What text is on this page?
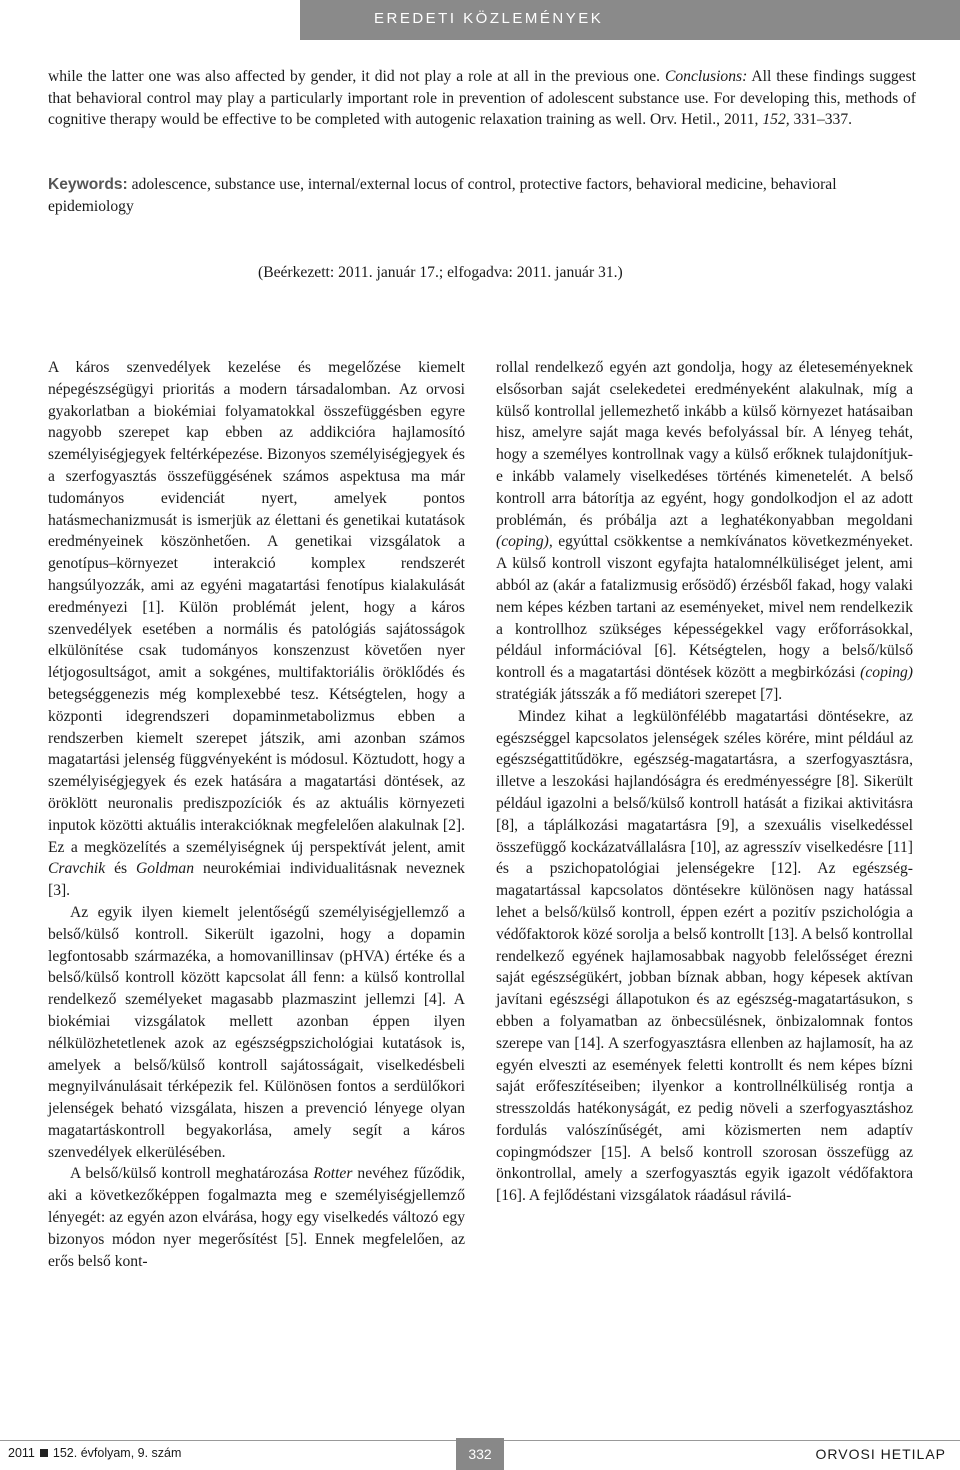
EREDETI KÖZLEMÉNYEK

while the latter one was also affected by gender, it did not play a role at all in the previous one. Conclusions: All these findings suggest that behavioral control may play a particularly important role in prevention of adolescent substance use. For developing this, methods of cognitive therapy would be effective to be completed with autogenic relaxation training as well. Orv. Hetil., 2011, 152, 331–337.

Keywords: adolescence, substance use, internal/external locus of control, protective factors, behavioral medicine, behavioral epidemiology

(Beérkezett: 2011. január 17.; elfogadva: 2011. január 31.)

A káros szenvedélyek kezelése és megelőzése kiemelt népegészségügyi prioritás a modern társadalomban. Az orvosi gyakorlatban a biokémiai folyamatokkal összefüggésben egyre nagyobb szerepet kap ebben az addikcióra hajlamosító személyiségjegyek feltérképezése. Bizonyos személyiségjegyek és a szerfogyasztás összefüggésének számos aspektusa ma már tudományos evidenciát nyert, amelyek pontos hatásmechanizmusát is ismerjük az élettani és genetikai kutatások eredményeinek köszönhetően. A genetikai vizsgálatok a genotípus–környezet interakció komplex rendszerét hangsúlyozzák, ami az egyéni magatartási fenotípus kialakulását eredményezi [1]. Külön problémát jelent, hogy a káros szenvedélyek esetében a normális és patológiás sajátosságok elkülönítése csak tudományos konszenzust követően nyer létjogosultságot, amit a sokgénes, multifaktoriális öröklődés és betegséggenezis még komplexebbé tesz. Kétségtelen, hogy a központi idegrendszeri dopaminmetabolizmus ebben a rendszerben kiemelt szerepet játszik, ami azonban számos magatartási jelenség függvényeként is módosul. Köztudott, hogy a személyiségjegyek és ezek hatására a magatartási döntések, az öröklött neuronalis prediszpozíciók és az aktuális környezeti inputok közötti aktuális interakcióknak megfelelően alakulnak [2]. Ez a megközelítés a személyiségnek új perspektívát jelent, amit Cravchik és Goldman neurokémiai individualitásnak neveznek [3].

Az egyik ilyen kiemelt jelentőségű személyiségjellemző a belső/külső kontroll. Sikerült igazolni, hogy a dopamin legfontosabb származéka, a homovanillinsav (pHVA) értéke és a belső/külső kontroll között kapcsolat áll fenn: a külső kontrollal rendelkező személyeket magasabb plazmaszint jellemzi [4]. A biokémiai vizsgálatok mellett azonban éppen ilyen nélkülözhetetlenek azok az egészségpszichológiai kutatások is, amelyek a belső/külső kontroll sajátosságait, viselkedésbeli megnyilvánulásait térképezik fel. Különösen fontos a serdülőkori jelenségek beható vizsgálata, hiszen a prevenció lényege olyan magatartáskontroll begyakorlása, amely segít a káros szenvedélyek elkerülésében.

A belső/külső kontroll meghatározása Rotter nevéhez fűződik, aki a következőképpen fogalmazta meg e személyiségjellemző lényegét: az egyén azon elvárása, hogy egy viselkedés változó egy bizonyos módon nyer megerősítést [5]. Ennek megfelelően, az erős belső kont-

rollal rendelkező egyén azt gondolja, hogy az életeseményeknek elsősorban saját cselekedetei eredményeként alakulnak, míg a külső kontrollal jellemezhető inkább a külső környezet hatásaiban hisz, amelyre saját maga kevés befolyással bír. A lényeg tehát, hogy a személyes kontrollnak vagy a külső erőknek tulajdonítjuk-e inkább valamely viselkedéses történés kimenetelét. A belső kontroll arra bátorítja az egyént, hogy gondolkodjon el az adott problémán, és próbálja azt a leghatékonyabban megoldani (coping), egyúttal csökkentse a nemkívánatos következményeket. A külső kontroll viszont egyfajta hatalomnélküliséget jelent, ami abból az (akár a fatalizmusig erősödő) érzésből fakad, hogy valaki nem képes kézben tartani az eseményeket, mivel nem rendelkezik a kontrollhoz szükséges képességekkel vagy erőforrásokkal, például információval [6]. Kétségtelen, hogy a belső/külső kontroll és a magatartási döntések között a megbirkózási (coping) stratégiák játsszák a fő mediátori szerepet [7].

Mindez kihat a legkülönfélébb magatartási döntésekre, az egészséggel kapcsolatos jelenségek széles körére, mint például az egészségattitűdökre, egészség-magatartásra, a szerfogyasztásra, illetve a leszokási hajlandóságra és eredményességre [8]. Sikerült például igazolni a belső/külső kontroll hatását a fizikai aktivitásra [8], a táplálkozási magatartásra [9], a szexuális viselkedéssel összefüggő kockázatvállalásra [10], az agresszív viselkedésre [11] és a pszichopatológiai jelenségekre [12]. Az egészség-magatartással kapcsolatos döntésekre különösen nagy hatással lehet a belső/külső kontroll, éppen ezért a pozitív pszichológia a védőfaktorok közé sorolja a belső kontrollt [13]. A belső kontrollal rendelkező egyének hajlamosabbak nagyobb felelősséget érezni saját egészségükért, jobban bíznak abban, hogy képesek aktívan javítani egészségi állapotukon és az egészség-magatartásukon, s ebben a folyamatban az önbecsülésnek, önbizalomnak fontos szerepe van [14]. A szerfogyasztásra ellenben az hajlamosít, ha az egyén elveszti az események feletti kontrollt és nem képes bízni saját erőfeszítéseiben; ilyenkor a kontrollnélküliség rontja a stresszoldás hatékonyságát, ez pedig növeli a szerfogyasztáshoz fordulás valószínűségét, ami közismerten nem adaptív copingmódszer [15]. A belső kontroll szorosan összefügg az önkontrollal, amely a szerfogyasztás egyik igazolt védőfaktora [16]. A fejlődéstani vizsgálatok ráadásul rávilá-

2011 152. évfolyam, 9. szám	332	ORVOSI HETILAP
